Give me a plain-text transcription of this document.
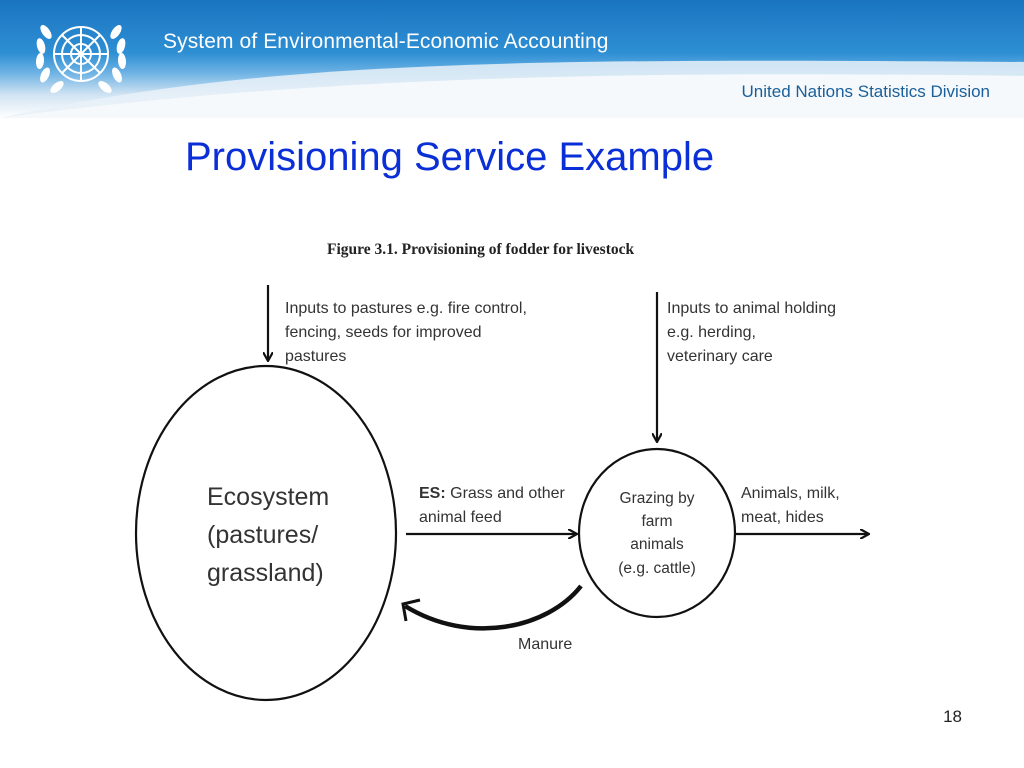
System of Environmental-Economic Accounting
United Nations Statistics Division
Provisioning Service Example
Figure 3.1. Provisioning of fodder for livestock
Ecosystem
(pastures/
grassland)
Grazing by
farm
animals
(e.g. cattle)
Inputs to pastures e.g. fire control,
fencing, seeds for improved
pastures
Inputs to animal holding
e.g. herding,
veterinary care
ES: Grass and other
animal feed
Animals, milk,
meat, hides
Manure
18
